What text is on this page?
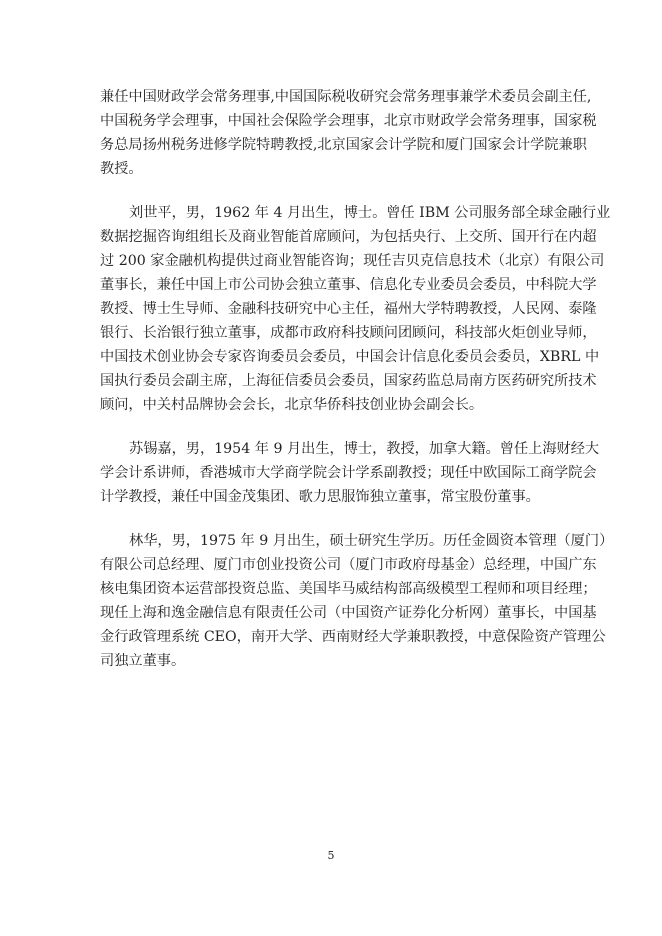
兼任中国财政学会常务理事,中国国际税收研究会常务理事兼学术委员会副主任,
中国税务学会理事，中国社会保险学会理事，北京市财政学会常务理事，国家税
务总局扬州税务进修学院特聘教授,北京国家会计学院和厦门国家会计学院兼职
教授。
刘世平，男，1962 年 4 月出生，博士。曾任 IBM 公司服务部全球金融行业
数据挖掘咨询组组长及商业智能首席顾问，为包括央行、上交所、国开行在内超
过 200 家金融机构提供过商业智能咨询；现任吉贝克信息技术（北京）有限公司
董事长，兼任中国上市公司协会独立董事、信息化专业委员会委员，中科院大学
教授、博士生导师、金融科技研究中心主任，福州大学特聘教授，人民网、泰隆
银行、长治银行独立董事，成都市政府科技顾问团顾问，科技部火炬创业导师，
中国技术创业协会专家咨询委员会委员，中国会计信息化委员会委员，XBRL 中
国执行委员会副主席，上海征信委员会委员，国家药监总局南方医药研究所技术
顾问，中关村品牌协会会长，北京华侨科技创业协会副会长。
苏锡嘉，男，1954 年 9 月出生，博士，教授，加拿大籍。曾任上海财经大
学会计系讲师，香港城市大学商学院会计学系副教授；现任中欧国际工商学院会
计学教授，兼任中国金茂集团、歌力思服饰独立董事，常宝股份董事。
林华，男，1975 年 9 月出生，硕士研究生学历。历任金圆资本管理（厦门）
有限公司总经理、厦门市创业投资公司（厦门市政府母基金）总经理，中国广东
核电集团资本运营部投资总监、美国毕马威结构部高级模型工程师和项目经理；
现任上海和逸金融信息有限责任公司（中国资产证券化分析网）董事长，中国基
金行政管理系统 CEO，南开大学、西南财经大学兼职教授，中意保险资产管理公
司独立董事。
5
